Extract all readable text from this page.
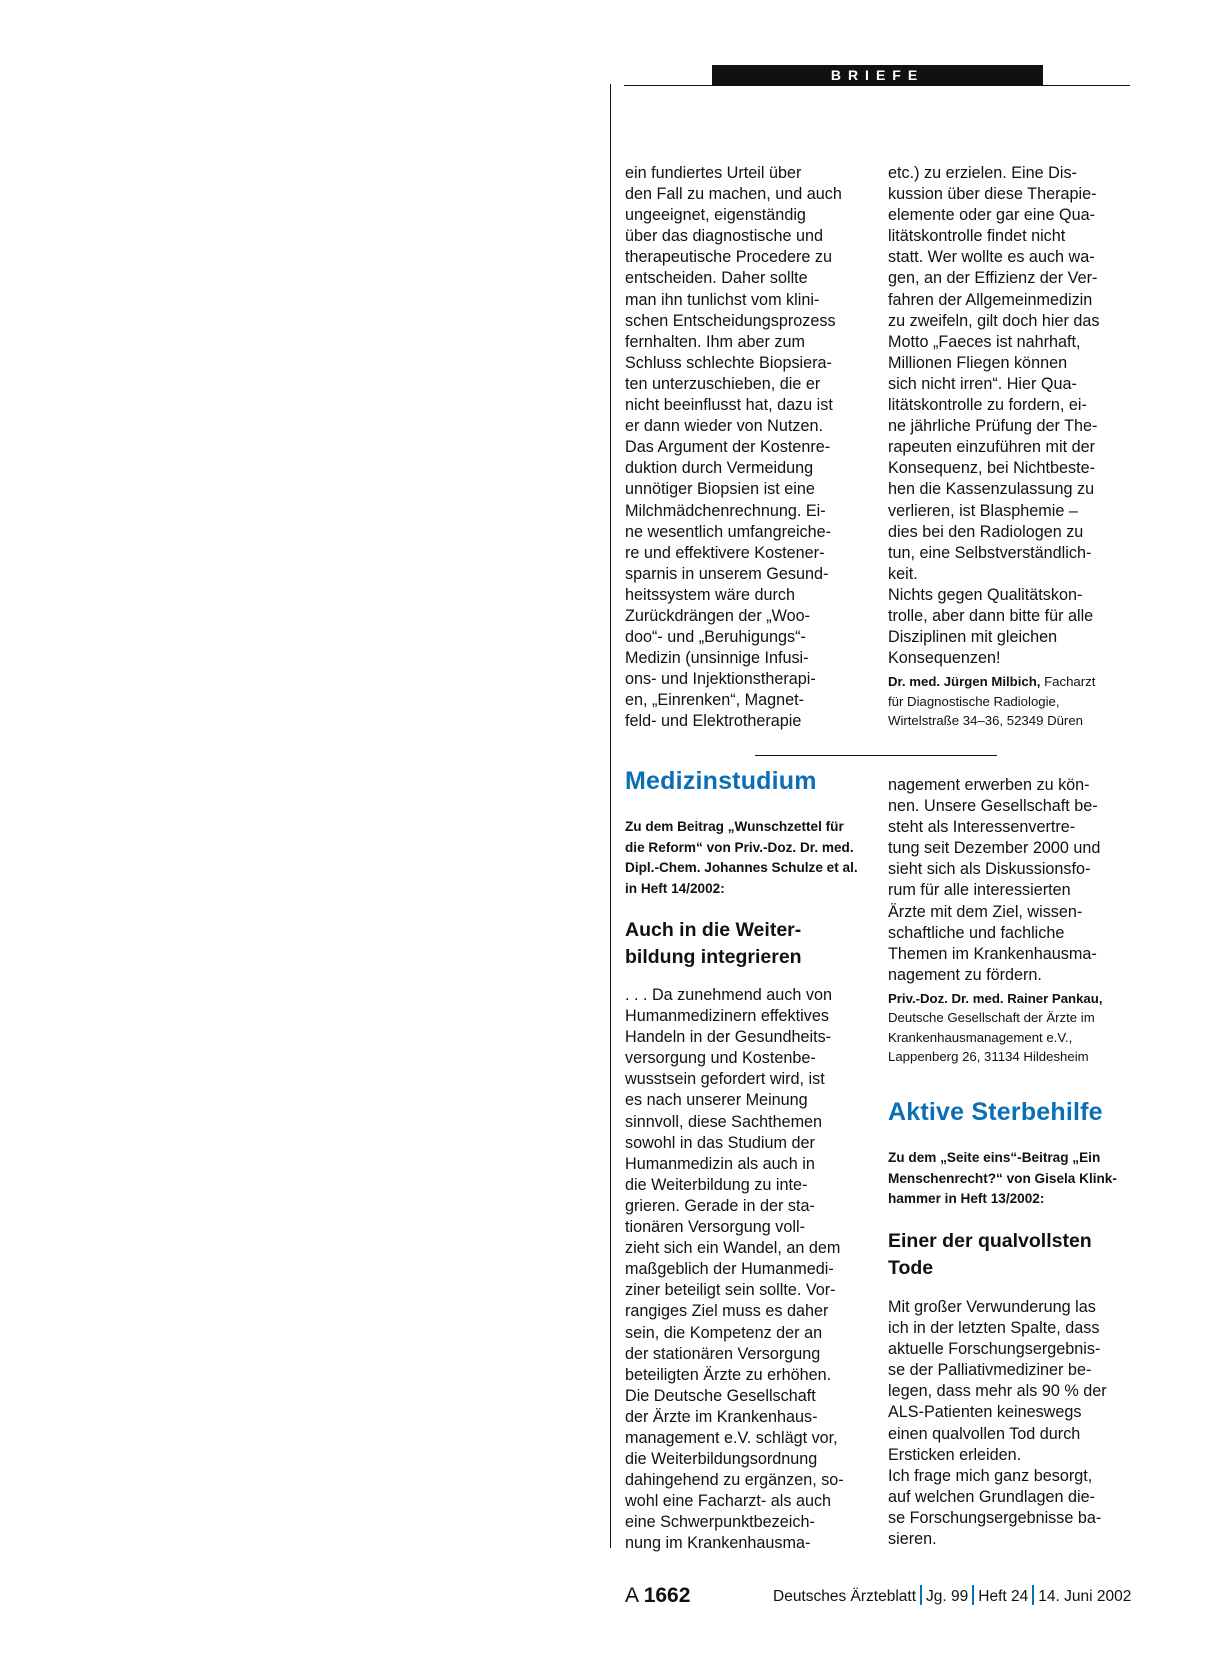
BRIEFE

ein fundiertes Urteil über
den Fall zu machen, und auch
ungeeignet, eigenständig
über das diagnostische und
therapeutische Procedere zu
entscheiden. Daher sollte
man ihn tunlichst vom klini-
schen Entscheidungsprozess
fernhalten. Ihm aber zum
Schluss schlechte Biopsiera-
ten unterzuschieben, die er
nicht beeinflusst hat, dazu ist
er dann wieder von Nutzen.
Das Argument der Kostenre-
duktion durch Vermeidung
unnötiger Biopsien ist eine
Milchmädchenrechnung. Ei-
ne wesentlich umfangreiche-
re und effektivere Kostener-
sparnis in unserem Gesund-
heitssystem wäre durch
Zurückdrängen der „Woo-
doo“- und „Beruhigungs“-
Medizin (unsinnige Infusi-
ons- und Injektionstherapi-
en, „Einrenken“, Magnet-
feld- und Elektrotherapie

etc.) zu erzielen. Eine Dis-
kussion über diese Therapie-
elemente oder gar eine Qua-
litätskontrolle findet nicht
statt. Wer wollte es auch wa-
gen, an der Effizienz der Ver-
fahren der Allgemeinmedizin
zu zweifeln, gilt doch hier das
Motto „Faeces ist nahrhaft,
Millionen Fliegen können
sich nicht irren“. Hier Qua-
litätskontrolle zu fordern, ei-
ne jährliche Prüfung der The-
rapeuten einzuführen mit der
Konsequenz, bei Nichtbeste-
hen die Kassenzulassung zu
verlieren, ist Blasphemie –
dies bei den Radiologen zu
tun, eine Selbstverständlich-
keit.
Nichts gegen Qualitätskon-
trolle, aber dann bitte für alle
Disziplinen mit gleichen
Konsequenzen!

Dr. med. Jürgen Milbich, Facharzt
für Diagnostische Radiologie,
Wirtelstraße 34–36, 52349 Düren
Medizinstudium

Zu dem Beitrag „Wunschzettel für
die Reform“ von Priv.-Doz. Dr. med.
Dipl.-Chem. Johannes Schulze et al.
in Heft 14/2002:

Auch in die Weiter-
bildung integrieren

. . . Da zunehmend auch von
Humanmedizinern effektives
Handeln in der Gesundheits-
versorgung und Kostenbe-
wusstsein gefordert wird, ist
es nach unserer Meinung
sinnvoll, diese Sachthemen
sowohl in das Studium der
Humanmedizin als auch in
die Weiterbildung zu inte-
grieren. Gerade in der sta-
tionären Versorgung voll-
zieht sich ein Wandel, an dem
maßgeblich der Humanmedi-
ziner beteiligt sein sollte. Vor-
rangiges Ziel muss es daher
sein, die Kompetenz der an
der stationären Versorgung
beteiligten Ärzte zu erhöhen.
Die Deutsche Gesellschaft
der Ärzte im Krankenhaus-
management e.V. schlägt vor,
die Weiterbildungsordnung
dahingehend zu ergänzen, so-
wohl eine Facharzt- als auch
eine Schwerpunktbezeich-
nung im Krankenhausma-

nagement erwerben zu kön-
nen. Unsere Gesellschaft be-
steht als Interessenvertre-
tung seit Dezember 2000 und
sieht sich als Diskussionsfo-
rum für alle interessierten
Ärzte mit dem Ziel, wissen-
schaftliche und fachliche
Themen im Krankenhausma-
nagement zu fördern.

Priv.-Doz. Dr. med. Rainer Pankau,
Deutsche Gesellschaft der Ärzte im
Krankenhausmanagement e.V.,
Lappenberg 26, 31134 Hildesheim
Aktive Sterbehilfe

Zu dem „Seite eins“-Beitrag „Ein
Menschenrecht?“ von Gisela Klink-
hammer in Heft 13/2002:

Einer der qualvollsten
Tode

Mit großer Verwunderung las
ich in der letzten Spalte, dass
aktuelle Forschungsergebnis-
se der Palliativmediziner be-
legen, dass mehr als 90 % der
ALS-Patienten keineswegs
einen qualvollen Tod durch
Ersticken erleiden.
Ich frage mich ganz besorgt,
auf welchen Grundlagen die-
se Forschungsergebnisse ba-
sieren.

A 1662	Deutsches Ärzteblatt Jg. 99 Heft 24 14. Juni 2002
